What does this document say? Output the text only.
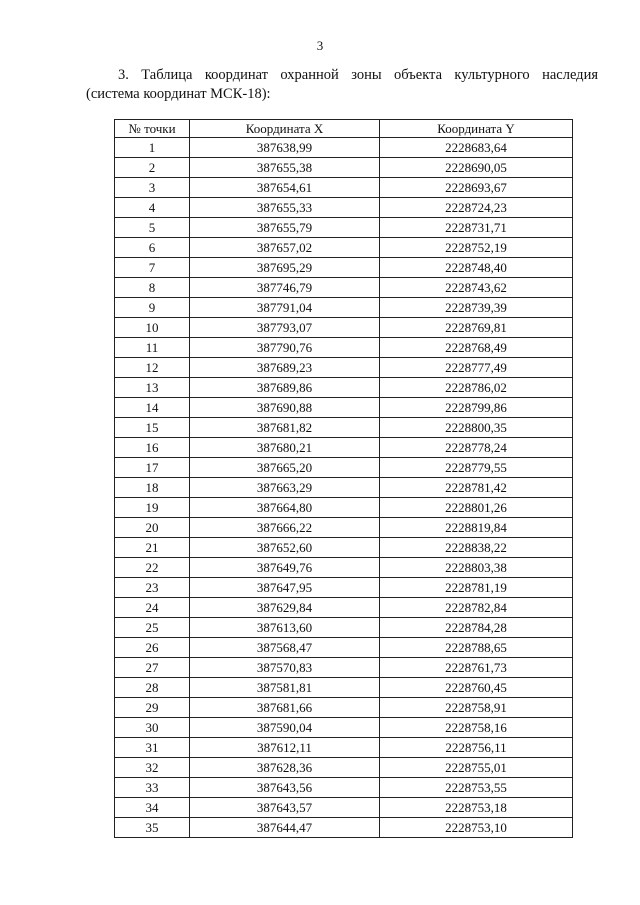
3
3. Таблица координат охранной зоны объекта культурного наследия
(система координат МСК-18):
№ точки	Координата X	Координата Y
1	387638,99	2228683,64
2	387655,38	2228690,05
3	387654,61	2228693,67
4	387655,33	2228724,23
5	387655,79	2228731,71
6	387657,02	2228752,19
7	387695,29	2228748,40
8	387746,79	2228743,62
9	387791,04	2228739,39
10	387793,07	2228769,81
11	387790,76	2228768,49
12	387689,23	2228777,49
13	387689,86	2228786,02
14	387690,88	2228799,86
15	387681,82	2228800,35
16	387680,21	2228778,24
17	387665,20	2228779,55
18	387663,29	2228781,42
19	387664,80	2228801,26
20	387666,22	2228819,84
21	387652,60	2228838,22
22	387649,76	2228803,38
23	387647,95	2228781,19
24	387629,84	2228782,84
25	387613,60	2228784,28
26	387568,47	2228788,65
27	387570,83	2228761,73
28	387581,81	2228760,45
29	387681,66	2228758,91
30	387590,04	2228758,16
31	387612,11	2228756,11
32	387628,36	2228755,01
33	387643,56	2228753,55
34	387643,57	2228753,18
35	387644,47	2228753,10
